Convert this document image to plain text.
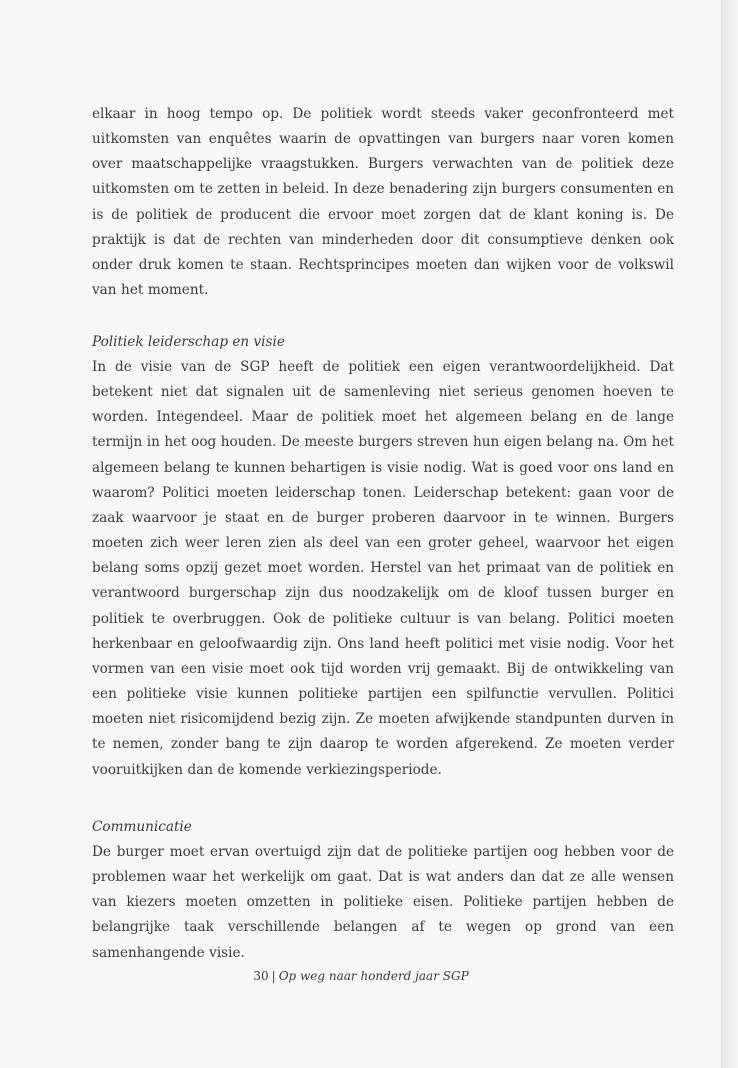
elkaar in hoog tempo op. De politiek wordt steeds vaker geconfronteerd met uitkomsten van enquêtes waarin de opvattingen van burgers naar voren komen over maatschappelijke vraagstukken. Burgers verwachten van de politiek deze uitkomsten om te zetten in beleid. In deze benadering zijn burgers consumenten en is de politiek de producent die ervoor moet zorgen dat de klant koning is. De praktijk is dat de rechten van minderheden door dit consumptieve denken ook onder druk komen te staan. Rechtsprincipes moeten dan wijken voor de volkswil van het moment.

Politiek leiderschap en visie

In de visie van de SGP heeft de politiek een eigen verantwoordelijkheid. Dat betekent niet dat signalen uit de samenleving niet serieus genomen hoeven te worden. Integendeel. Maar de politiek moet het algemeen belang en de lange termijn in het oog houden. De meeste burgers streven hun eigen belang na. Om het algemeen belang te kunnen behartigen is visie nodig. Wat is goed voor ons land en waarom? Politici moeten leiderschap tonen. Leiderschap betekent: gaan voor de zaak waarvoor je staat en de burger proberen daarvoor in te winnen. Burgers moeten zich weer leren zien als deel van een groter geheel, waarvoor het eigen belang soms opzij gezet moet worden. Herstel van het primaat van de politiek en verantwoord burgerschap zijn dus noodzakelijk om de kloof tussen burger en politiek te overbruggen. Ook de politieke cultuur is van belang. Politici moeten herkenbaar en geloofwaardig zijn. Ons land heeft politici met visie nodig. Voor het vormen van een visie moet ook tijd worden vrij gemaakt. Bij de ontwikkeling van een politieke visie kunnen politieke partijen een spilfunctie vervullen. Politici moeten niet risicomijdend bezig zijn. Ze moeten afwijkende standpunten durven in te nemen, zonder bang te zijn daarop te worden afgerekend. Ze moeten verder vooruitkijken dan de komende verkiezingsperiode.

Communicatie

De burger moet ervan overtuigd zijn dat de politieke partijen oog hebben voor de problemen waar het werkelijk om gaat. Dat is wat anders dan dat ze alle wensen van kiezers moeten omzetten in politieke eisen. Politieke partijen hebben de belangrijke taak verschillende belangen af te wegen op grond van een samenhangende visie.

30 | Op weg naar honderd jaar SGP
